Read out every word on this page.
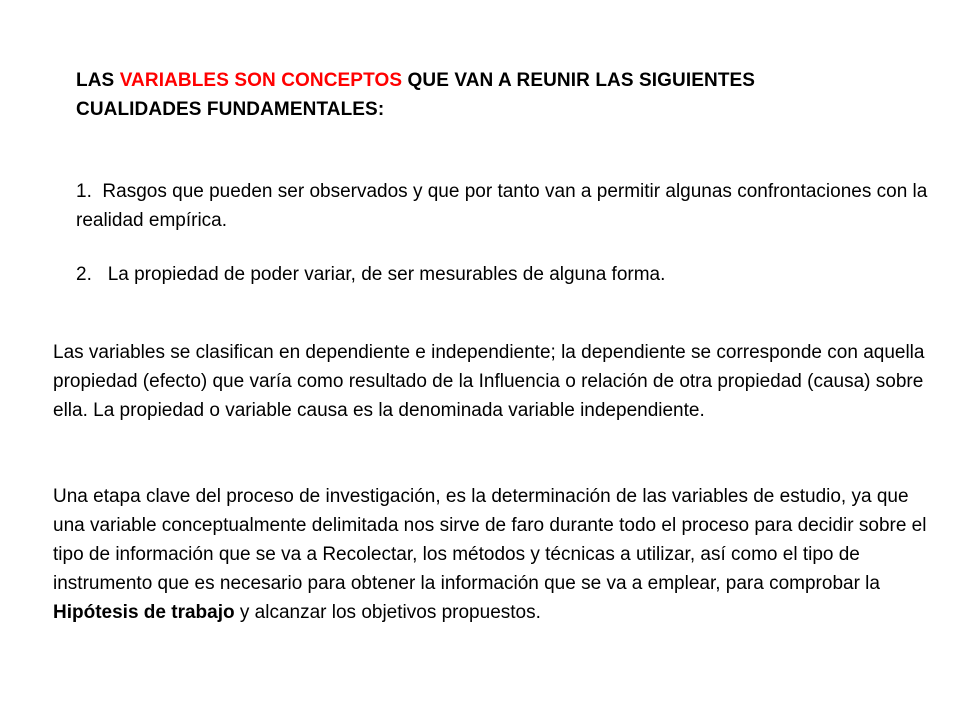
LAS VARIABLES SON CONCEPTOS QUE VAN A REUNIR LAS SIGUIENTES CUALIDADES FUNDAMENTALES:

1. Rasgos que pueden ser observados y que por tanto van a permitir algunas confrontaciones con la realidad empírica.

2. La propiedad de poder variar, de ser mesurables de alguna forma.

Las variables se clasifican en dependiente e independiente; la dependiente se corresponde con aquella propiedad (efecto) que varía como resultado de la Influencia o relación de otra propiedad (causa) sobre ella. La propiedad o variable causa es la denominada variable independiente.
Una etapa clave del proceso de investigación, es la determinación de las variables de estudio, ya que una variable conceptualmente delimitada nos sirve de faro durante todo el proceso para decidir sobre el tipo de información que se va a Recolectar, los métodos y técnicas a utilizar, así como el tipo de instrumento que es necesario para obtener la información que se va a emplear, para comprobar la Hipótesis de trabajo y alcanzar los objetivos propuestos.
